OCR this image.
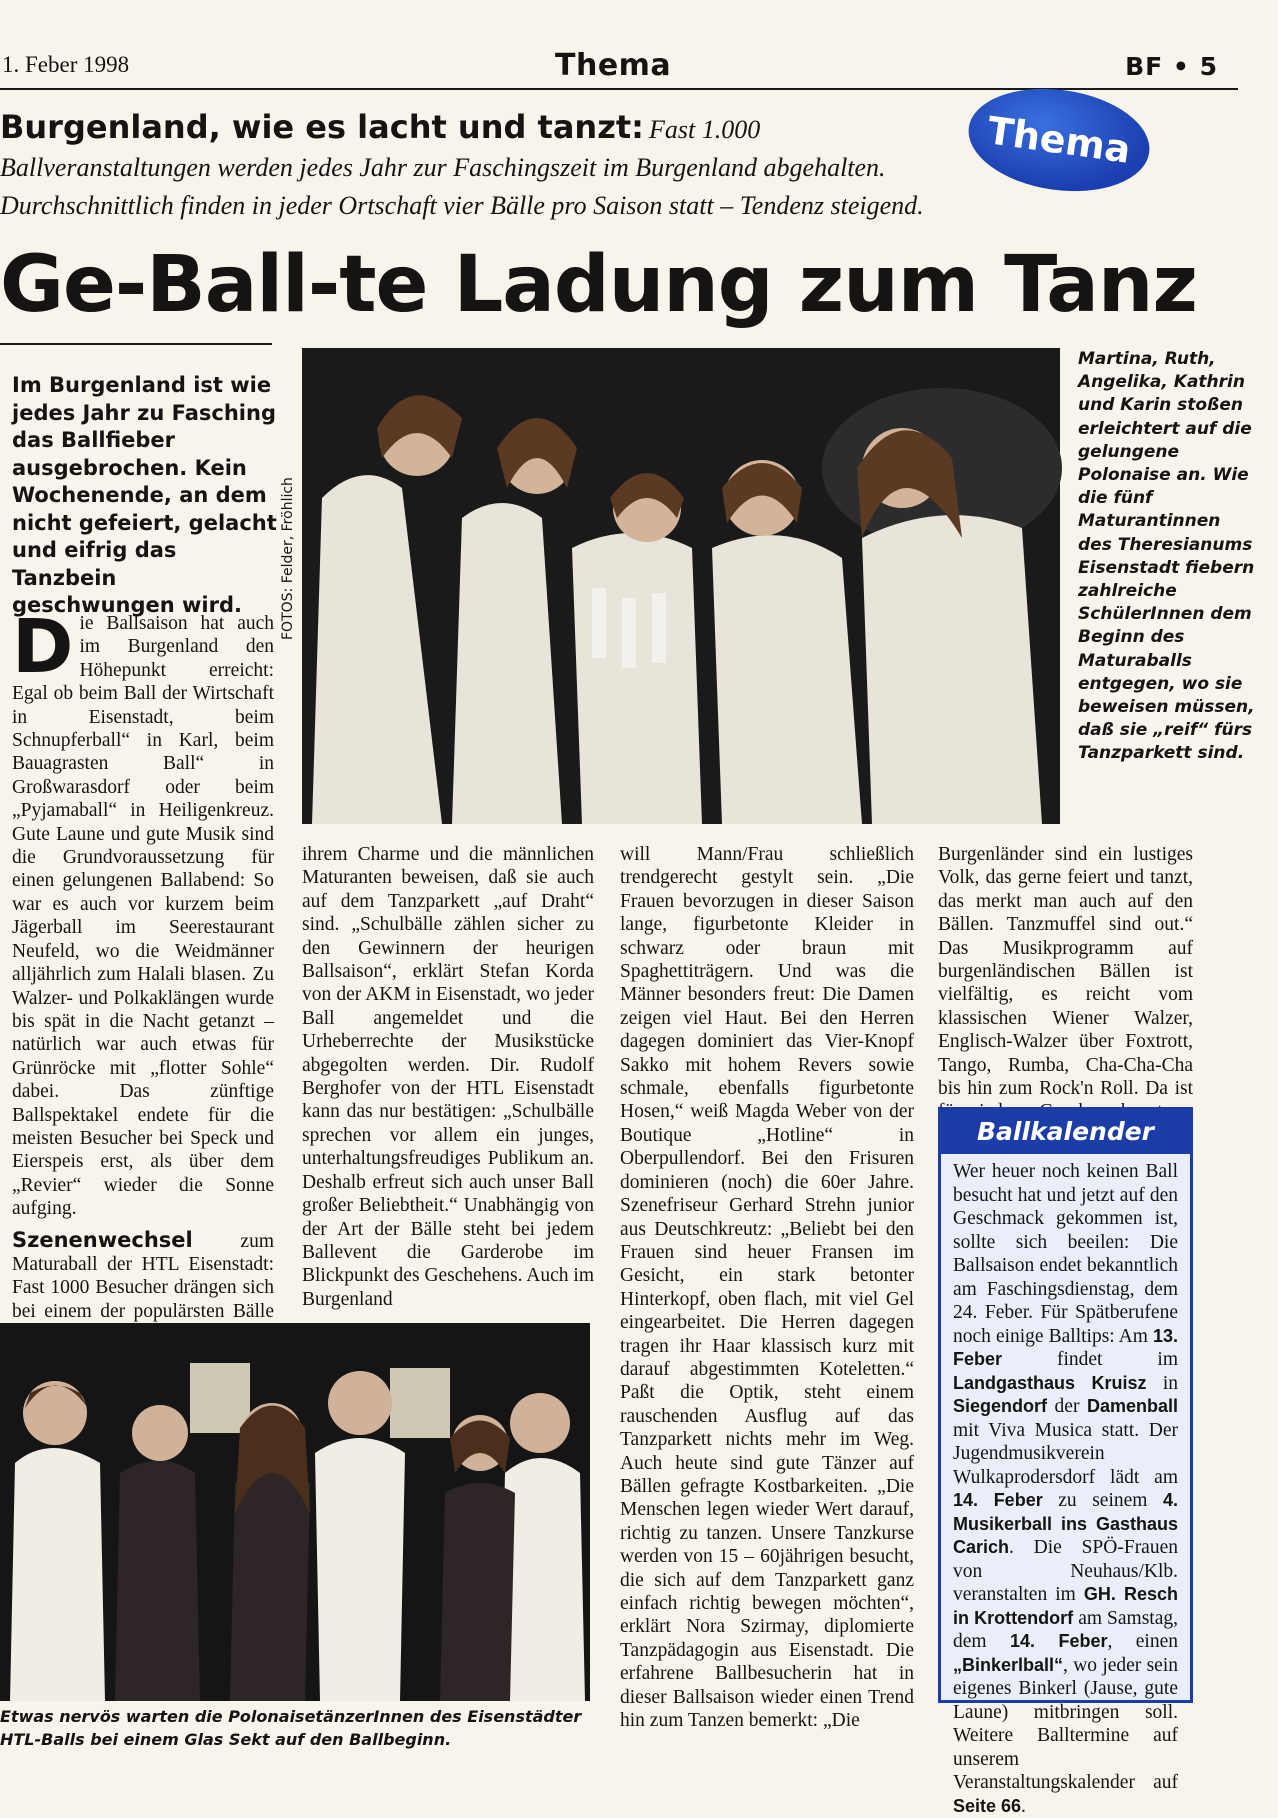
1. Feber 1998	Thema	BF • 5
Thema
Burgenland, wie es lacht und tanzt: Fast 1.000 Ballveranstaltungen werden jedes Jahr zur Faschingszeit im Burgenland abgehalten. Durchschnittlich finden in jeder Ortschaft vier Bälle pro Saison statt – Tendenz steigend.
Ge-Ball-te Ladung zum Tanz
Im Burgenland ist wie jedes Jahr zu Fasching das Ballfieber ausgebrochen. Kein Wochenende, an dem nicht gefeiert, gelacht und eifrig das Tanzbein geschwungen wird.

Die Ballsaison hat auch im Burgenland den Höhepunkt erreicht: Egal ob beim Ball der Wirtschaft in Eisenstadt, beim Schnupferball“ in Karl, beim Bauagrasten Ball“ in Großwarasdorf oder beim „Pyjamaball“ in Heiligenkreuz. Gute Laune und gute Musik sind die Grundvoraussetzung für einen gelungenen Ballabend: So war es auch vor kurzem beim Jägerball im Seerestaurant Neufeld, wo die Weidmänner alljährlich zum Halali blasen. Zu Walzer- und Polkaklängen wurde bis spät in die Nacht getanzt – natürlich war auch etwas für Grünröcke mit „flotter Sohle“ dabei. Das zünftige Ballspektakel endete für die meisten Besucher bei Speck und Eierspeis erst, als über dem „Revier“ wieder die Sonne aufging.

Szenenwechsel zum Maturaball der HTL Eisenstadt: Fast 1000 Besucher drängen sich bei einem der populärsten Bälle

FOTOS: Felder, Fröhlich
Martina, Ruth, Angelika, Kathrin und Karin stoßen erleichtert auf die gelungene Polonaise an. Wie die fünf Maturantinnen des Theresianums Eisenstadt fiebern zahlreiche SchülerInnen dem Beginn des Maturaballs entgegen, wo sie beweisen müssen, daß sie „reif“ fürs Tanzparkett sind.

ihrem Charme und die männlichen Maturanten beweisen, daß sie auch auf dem Tanzparkett „auf Draht“ sind. „Schulbälle zählen sicher zu den Gewinnern der heurigen Ballsaison“, erklärt Stefan Korda von der AKM in Eisenstadt, wo jeder Ball angemeldet und die Urheberrechte der Musikstücke abgegolten werden. Dir. Rudolf Berghofer von der HTL Eisenstadt kann das nur bestätigen: „Schulbälle sprechen vor allem ein junges, unterhaltungsfreudiges Publikum an. Deshalb erfreut sich auch unser Ball großer Beliebtheit.“ Unabhängig von der Art der Bälle steht bei jedem Ballevent die Garderobe im Blickpunkt des Geschehens. Auch im Burgenland

will Mann/Frau schließlich trendgerecht gestylt sein. „Die Frauen bevorzugen in dieser Saison lange, figurbetonte Kleider in schwarz oder braun mit Spaghettiträgern. Und was die Männer besonders freut: Die Damen zeigen viel Haut. Bei den Herren dagegen dominiert das Vier-Knopf Sakko mit hohem Revers sowie schmale, ebenfalls figurbetonte Hosen,“ weiß Magda Weber von der Boutique „Hotline“ in Oberpullendorf. Bei den Frisuren dominieren (noch) die 60er Jahre. Szenefriseur Gerhard Strehn junior aus Deutschkreutz: „Beliebt bei den Frauen sind heuer Fransen im Gesicht, ein stark betonter Hinterkopf, oben flach, mit viel Gel eingearbeitet. Die Herren dagegen tragen ihr Haar klassisch kurz mit darauf abgestimmten Koteletten.“ Paßt die Optik, steht einem rauschenden Ausflug auf das Tanzparkett nichts mehr im Weg. Auch heute sind gute Tänzer auf Bällen gefragte Kostbarkeiten. „Die Menschen legen wieder Wert darauf, richtig zu tanzen. Unsere Tanzkurse werden von 15 – 60jährigen besucht, die sich auf dem Tanzparkett ganz einfach richtig bewegen möchten“, erklärt Nora Szirmay, diplomierte Tanzpädagogin aus Eisenstadt. Die erfahrene Ballbesucherin hat in dieser Ballsaison wieder einen Trend hin zum Tanzen bemerkt: „Die

Burgenländer sind ein lustiges Volk, das gerne feiert und tanzt, das merkt man auch auf den Bällen. Tanzmuffel sind out.“ Das Musikprogramm auf burgenländischen Bällen ist vielfältig, es reicht vom klassischen Wiener Walzer, Englisch-Walzer über Foxtrott, Tango, Rumba, Cha-Cha-Cha bis hin zum Rock'n Roll. Da ist

Etwas nervös warten die PolonaisetänzerInnen des Eisenstädter HTL-Balls bei einem Glas Sekt auf den Ballbeginn.
Ballkalender
Wer heuer noch keinen Ball besucht hat und jetzt auf den Geschmack gekommen ist, sollte sich beeilen: Die Ballsaison endet bekanntlich am Faschingsdienstag, dem 24. Feber. Für Spätberufene noch einige Balltips: Am 13. Feber findet im Landgasthaus Kruisz in Siegendorf der Damenball mit Viva Musica statt. Der Jugendmusikverein Wulkaprodersdorf lädt am 14. Feber zu seinem 4. Musikerball ins Gasthaus Carich. Die SPÖ-Frauen von Neuhaus/Klb. veranstalten im GH. Resch in Krottendorf am Samstag, dem 14. Feber, einen „Binkerlball“, wo jeder sein eigenes Binkerl (Jause, gute Laune) mitbringen soll. Weitere Balltermine auf unserem Veranstaltungskalender auf Seite 66.
